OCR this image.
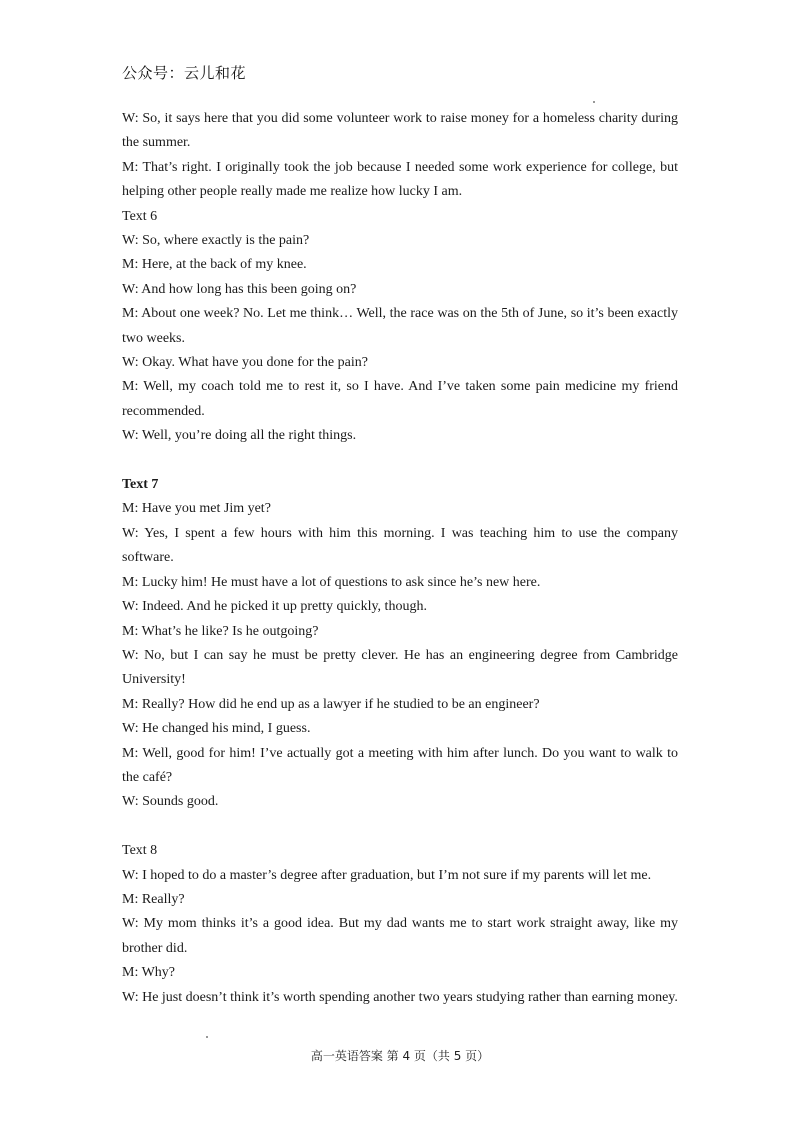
公众号：云儿和花

W: So, it says here that you did some volunteer work to raise money for a homeless charity during the summer.

M: That’s right. I originally took the job because I needed some work experience for college, but helping other people really made me realize how lucky I am.

Text 6

W: So, where exactly is the pain?

M: Here, at the back of my knee.

W: And how long has this been going on?

M: About one week? No. Let me think… Well, the race was on the 5th of June, so it’s been exactly two weeks.

W: Okay. What have you done for the pain?

M: Well, my coach told me to rest it, so I have. And I’ve taken some pain medicine my friend recommended.

W: Well, you’re doing all the right things.

Text 7

M: Have you met Jim yet?

W: Yes, I spent a few hours with him this morning. I was teaching him to use the company software.

M: Lucky him! He must have a lot of questions to ask since he’s new here.

W: Indeed. And he picked it up pretty quickly, though.

M: What’s he like? Is he outgoing?

W: No, but I can say he must be pretty clever. He has an engineering degree from Cambridge University!

M: Really? How did he end up as a lawyer if he studied to be an engineer?

W: He changed his mind, I guess.

M: Well, good for him! I’ve actually got a meeting with him after lunch. Do you want to walk to the café?

W: Sounds good.

Text 8

W: I hoped to do a master’s degree after graduation, but I’m not sure if my parents will let me.

M: Really?

W: My mom thinks it’s a good idea. But my dad wants me to start work straight away, like my brother did.

M: Why?

W: He just doesn’t think it’s worth spending another two years studying rather than earning money.

高一英语答案 第 4 页（共 5 页）
